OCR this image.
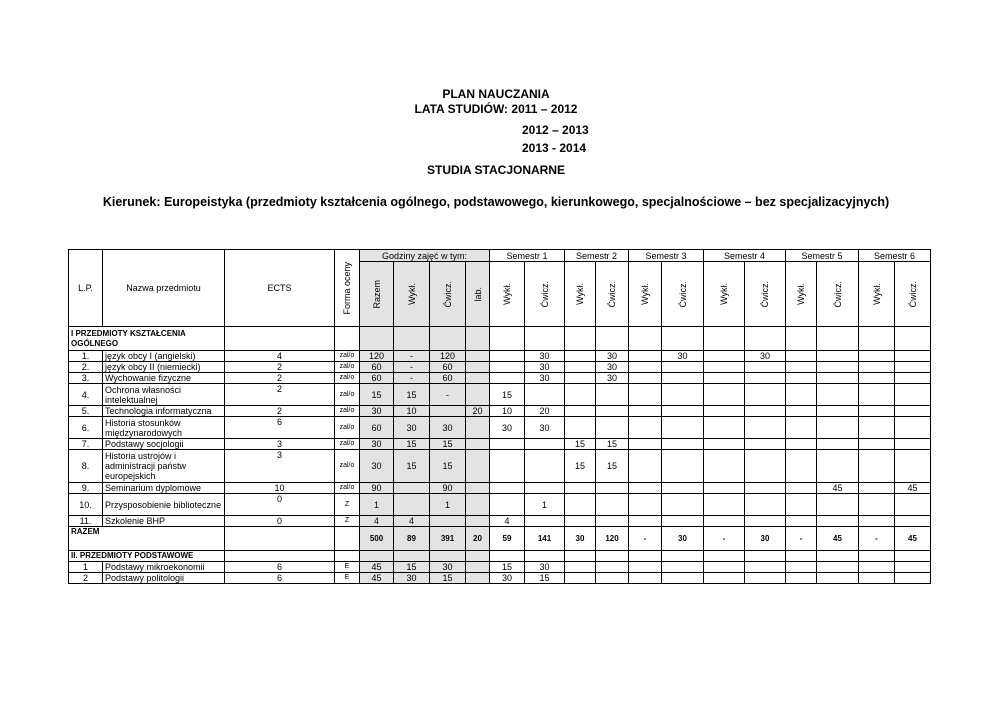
PLAN NAUCZANIA
LATA STUDIÓW: 2011 – 2012
2012 – 2013
2013 - 2014
STUDIA STACJONARNE
Kierunek: Europeistyka (przedmioty kształcenia ogólnego, podstawowego, kierunkowego, specjalnościowe – bez specjalizacyjnych)
L.P.	Nazwa przedmiotu	ECTS	Forma oceny	Godziny zajęć w tym:				Semestr 1		Semestr 2		Semestr 3		Semestr 4		Semestr 5		Semestr 6	

				Razem	Wykł.	Ćwicz.	lab.	Wykł.	Ćwicz.	Wykł.	Ćwicz.	Wykł.	Ćwicz.	Wykł.	Ćwicz.	Wykł.	Ćwicz.	Wykł.	Ćwicz.

I PRZEDMIOTY KSZTAŁCENIA
OGÓLNEGO																			
1.	język obcy I (angielski)	4	zal/o	120	-	120			30		30		30		30				
2.	język obcy II (niemiecki)	2	zal/o	60	-	60			30		30								
3.	Wychowanie fizyczne	2	zal/o	60	-	60			30		30								
4.	Ochrona własności intelektualnej	2	zal/o	15	15	-		15											
5.	Technologia informatyczna	2	zal/o	30	10		20	10	20										
6.	Historia stosunków międzynarodowych	6	zal/o	60	30	30		30	30										
7.	Podstawy socjologii	3	zal/o	30	15	15				15	15								
8.	Historia ustrojów i administracji państw europejskich	3	zal/o	30	15	15				15	15								
9.	Seminarium dyplomowe	10	zal/o	90		90											45		45
10.	Przysposobienie biblioteczne	0	Z	1		1			1										
11.	Szkolenie BHP	0	Z	4	4			4											
RAZEM				500	89	391	20	59	141	30	120	-	30	-	30	-	45	-	45
II. PRZEDMIOTY PODSTAWOWE																			
1	Podstawy mikroekonomii	6	E	45	15	30		15	30										
2	Podstawy politologii	6	E	45	30	15		30	15										
